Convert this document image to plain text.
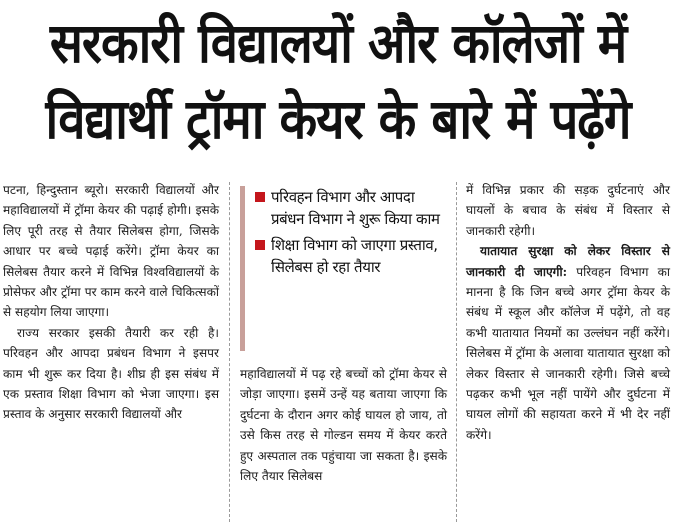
सरकारी विद्यालयों और कॉलेजों में
विद्यार्थी ट्रॉमा केयर के बारे में पढ़ेंगे

पटना, हिन्दुस्तान ब्यूरो। सरकारी विद्यालयों और महाविद्यालयों में ट्रॉमा केयर की पढ़ाई होगी। इसके लिए पूरी तरह से तैयार सिलेबस होगा, जिसके आधार पर बच्चे पढ़ाई करेंगे। ट्रॉमा केयर का सिलेबस तैयार करने में विभिन्न विश्वविद्यालयों के प्रोसेफर और ट्रॉमा पर काम करने वाले चिकित्सकों से सहयोग लिया जाएगा।

राज्य सरकार इसकी तैयारी कर रही है। परिवहन और आपदा प्रबंधन विभाग ने इसपर काम भी शुरू कर दिया है। शीघ्र ही इस संबंध में एक प्रस्ताव शिक्षा विभाग को भेजा जाएगा। इस प्रस्ताव के अनुसार सरकारी विद्यालयों और

परिवहन विभाग और आपदा प्रबंधन विभाग ने शुरू किया काम
शिक्षा विभाग को जाएगा प्रस्ताव, सिलेबस हो रहा तैयार

महाविद्यालयों में पढ़ रहे बच्चों को ट्रॉमा केयर से जोड़ा जाएगा। इसमें उन्हें यह बताया जाएगा कि दुर्घटना के दौरान अगर कोई घायल हो जाय, तो उसे किस तरह से गोल्डन समय में केयर करते हुए अस्पताल तक पहुंचाया जा सकता है। इसके लिए तैयार सिलेबस

में विभिन्न प्रकार की सड़क दुर्घटनाएं और घायलों के बचाव के संबंध में विस्तार से जानकारी रहेगी।

यातायात सुरक्षा को लेकर विस्तार से जानकारी दी जाएगी: परिवहन विभाग का मानना है कि जिन बच्चे अगर ट्रॉमा केयर के संबंध में स्कूल और कॉलेज में पढ़ेंगे, तो वह कभी यातायात नियमों का उल्लंघन नहीं करेंगे। सिलेबस में ट्रॉमा के अलावा यातायात सुरक्षा को लेकर विस्तार से जानकारी रहेगी। जिसे बच्चे पढ़कर कभी भूल नहीं पायेंगे और दुर्घटना में घायल लोगों की सहायता करने में भी देर नहीं करेंगे।
